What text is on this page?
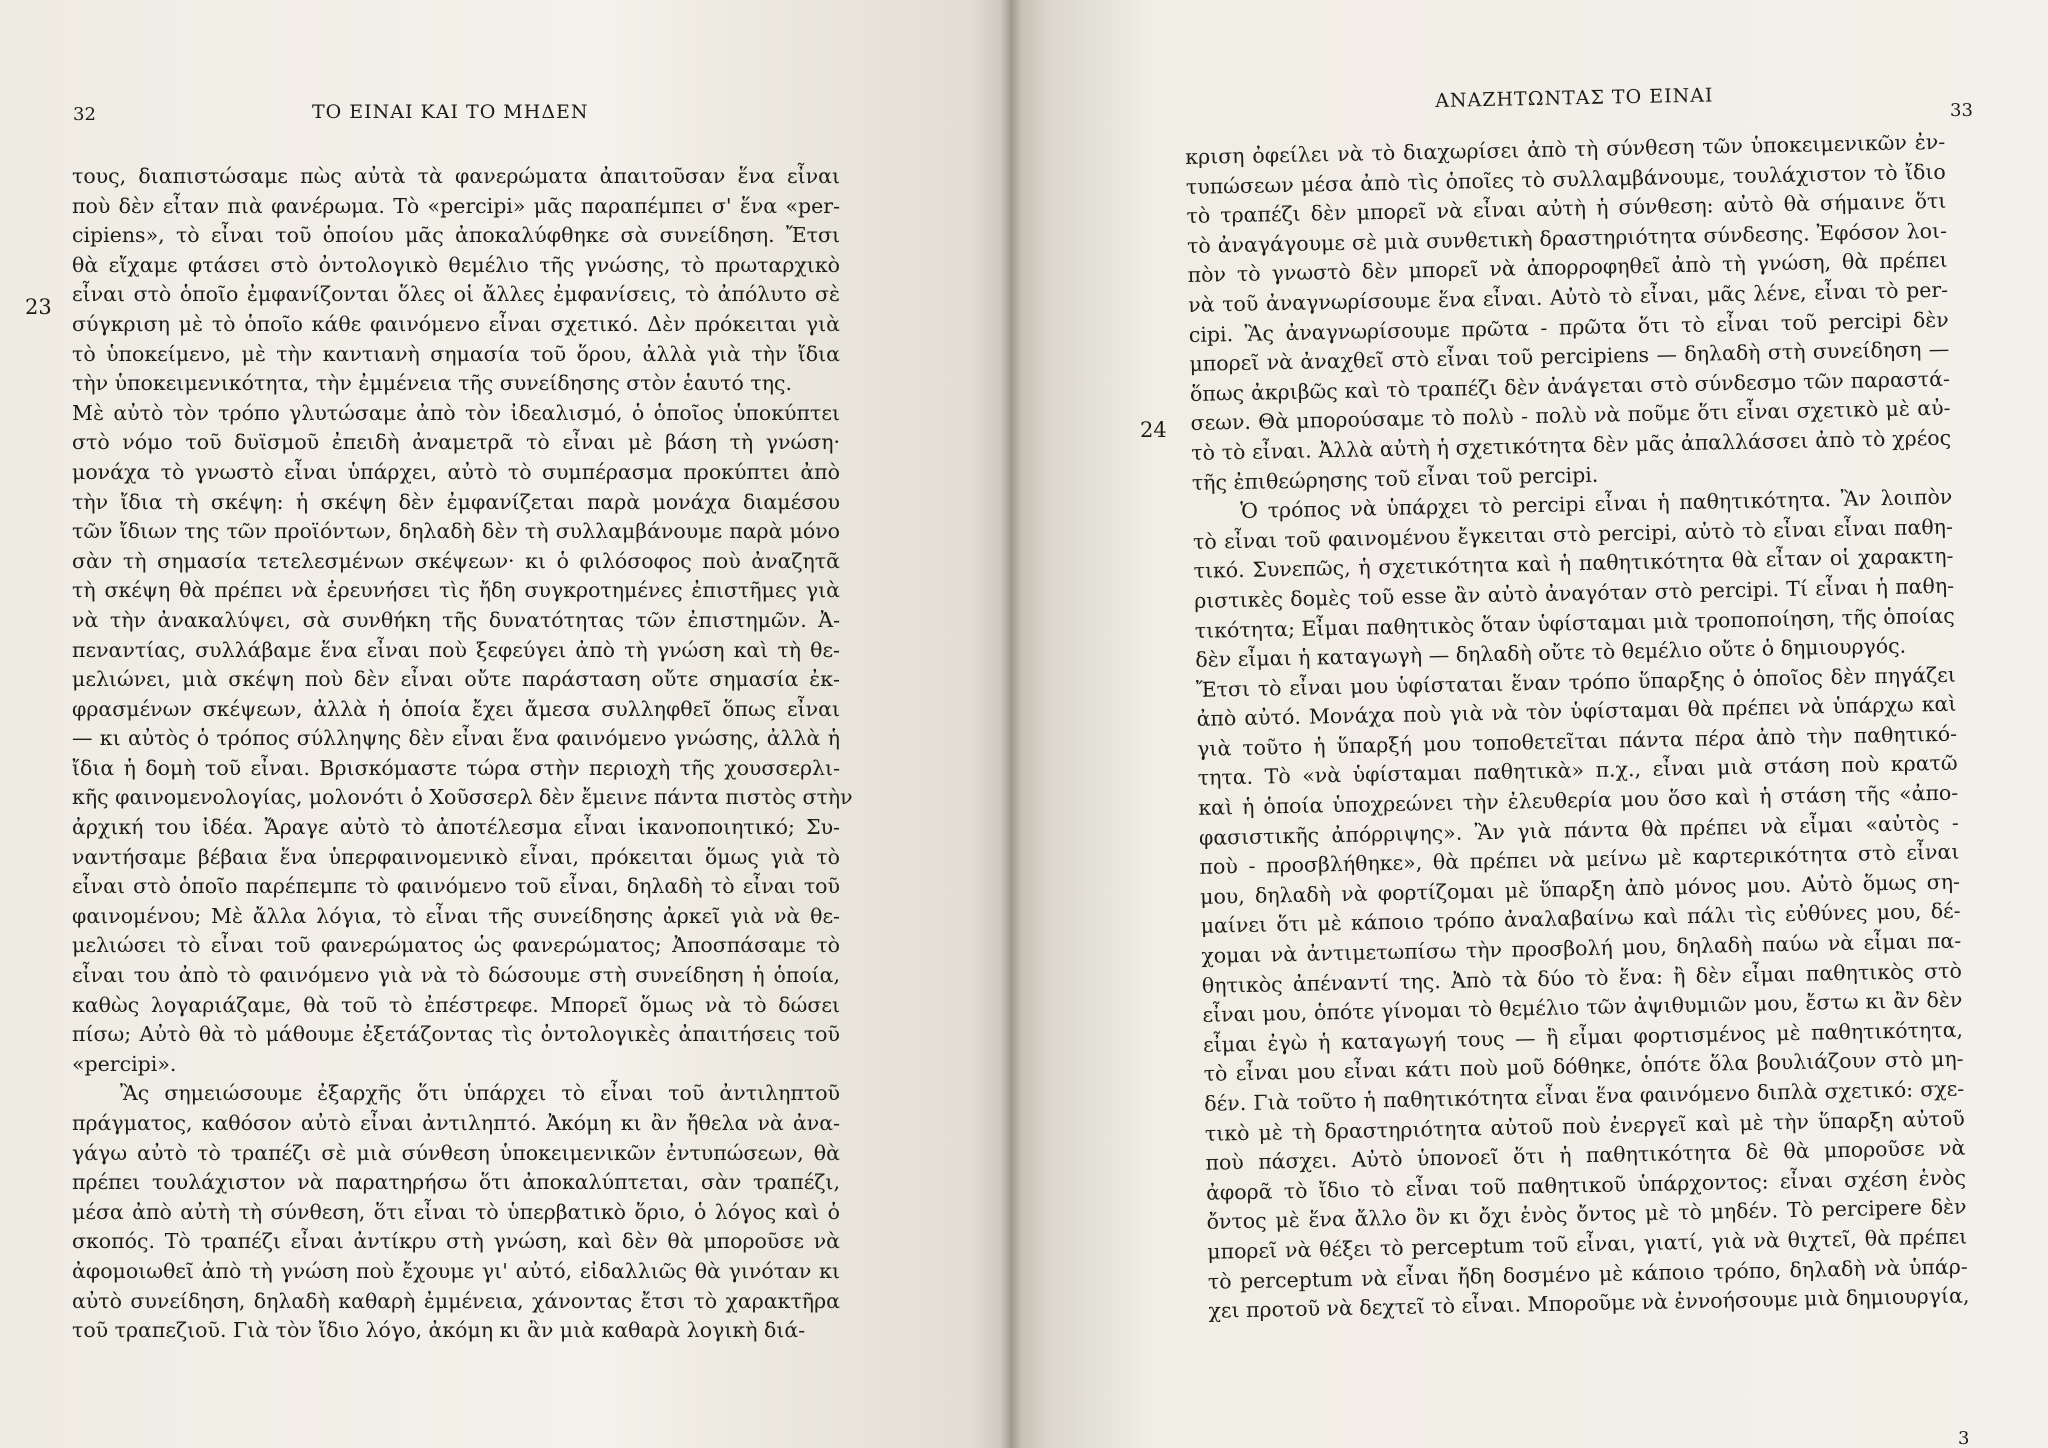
32	ΤΟ ΕΙΝΑΙ ΚΑΙ ΤΟ ΜΗΔΕΝ
23
τους, διαπιστώσαμε πὼς αὐτὰ τὰ φανερώματα ἀπαιτοῦσαν ἕνα εἶναι
ποὺ δὲν εἶταν πιὰ φανέρωμα. Τὸ «percipi» μᾶς παραπέμπει σ' ἕνα «per-
cipiens», τὸ εἶναι τοῦ ὁποίου μᾶς ἀποκαλύφθηκε σὰ συνείδηση. Ἔτσι
θὰ εἴχαμε φτάσει στὸ ὀντολογικὸ θεμέλιο τῆς γνώσης, τὸ πρωταρχικὸ
εἶναι στὸ ὁποῖο ἐμφανίζονται ὅλες οἱ ἄλλες ἐμφανίσεις, τὸ ἀπόλυτο σὲ
σύγκριση μὲ τὸ ὁποῖο κάθε φαινόμενο εἶναι σχετικό. Δὲν πρόκειται γιὰ
τὸ ὑποκείμενο, μὲ τὴν καντιανὴ σημασία τοῦ ὅρου, ἀλλὰ γιὰ τὴν ἴδια
τὴν ὑποκειμενικότητα, τὴν ἐμμένεια τῆς συνείδησης στὸν ἑαυτό της.
Μὲ αὐτὸ τὸν τρόπο γλυτώσαμε ἀπὸ τὸν ἰδεαλισμό, ὁ ὁποῖος ὑποκύπτει
στὸ νόμο τοῦ δυϊσμοῦ ἐπειδὴ ἀναμετρᾶ τὸ εἶναι μὲ βάση τὴ γνώση·
μονάχα τὸ γνωστὸ εἶναι ὑπάρχει, αὐτὸ τὸ συμπέρασμα προκύπτει ἀπὸ
τὴν ἴδια τὴ σκέψη: ἡ σκέψη δὲν ἐμφανίζεται παρὰ μονάχα διαμέσου
τῶν ἴδιων της τῶν προϊόντων, δηλαδὴ δὲν τὴ συλλαμβάνουμε παρὰ μόνο
σὰν τὴ σημασία τετελεσμένων σκέψεων· κι ὁ φιλόσοφος ποὺ ἀναζητᾶ
τὴ σκέψη θὰ πρέπει νὰ ἐρευνήσει τὶς ἤδη συγκροτημένες ἐπιστῆμες γιὰ
νὰ τὴν ἀνακαλύψει, σὰ συνθήκη τῆς δυνατότητας τῶν ἐπιστημῶν. Ἀ-
πεναντίας, συλλάβαμε ἕνα εἶναι ποὺ ξεφεύγει ἀπὸ τὴ γνώση καὶ τὴ θε-
μελιώνει, μιὰ σκέψη ποὺ δὲν εἶναι οὔτε παράσταση οὔτε σημασία ἐκ-
φρασμένων σκέψεων, ἀλλὰ ἡ ὁποία ἔχει ἄμεσα συλληφθεῖ ὅπως εἶναι
— κι αὐτὸς ὁ τρόπος σύλληψης δὲν εἶναι ἕνα φαινόμενο γνώσης, ἀλλὰ ἡ
ἴδια ἡ δομὴ τοῦ εἶναι. Βρισκόμαστε τώρα στὴν περιοχὴ τῆς χουσσερλι-
κῆς φαινομενολογίας, μολονότι ὁ Χοῦσσερλ δὲν ἔμεινε πάντα πιστὸς στὴν
ἀρχική του ἰδέα. Ἄραγε αὐτὸ τὸ ἀποτέλεσμα εἶναι ἱκανοποιητικό; Συ-
ναντήσαμε βέβαια ἕνα ὑπερφαινομενικὸ εἶναι, πρόκειται ὅμως γιὰ τὸ
εἶναι στὸ ὁποῖο παρέπεμπε τὸ φαινόμενο τοῦ εἶναι, δηλαδὴ τὸ εἶναι τοῦ
φαινομένου; Μὲ ἄλλα λόγια, τὸ εἶναι τῆς συνείδησης ἀρκεῖ γιὰ νὰ θε-
μελιώσει τὸ εἶναι τοῦ φανερώματος ὡς φανερώματος; Ἀποσπάσαμε τὸ
εἶναι του ἀπὸ τὸ φαινόμενο γιὰ νὰ τὸ δώσουμε στὴ συνείδηση ἡ ὁποία,
καθὼς λογαριάζαμε, θὰ τοῦ τὸ ἐπέστρεφε. Μπορεῖ ὅμως νὰ τὸ δώσει
πίσω; Αὐτὸ θὰ τὸ μάθουμε ἐξετάζοντας τὶς ὀντολογικὲς ἀπαιτήσεις τοῦ
«percipi».
Ἂς σημειώσουμε ἐξαρχῆς ὅτι ὑπάρχει τὸ εἶναι τοῦ ἀντιληπτοῦ
πράγματος, καθόσον αὐτὸ εἶναι ἀντιληπτό. Ἀκόμη κι ἂν ἤθελα νὰ ἀνα-
γάγω αὐτὸ τὸ τραπέζι σὲ μιὰ σύνθεση ὑποκειμενικῶν ἐντυπώσεων, θὰ
πρέπει τουλάχιστον νὰ παρατηρήσω ὅτι ἀποκαλύπτεται, σὰν τραπέζι,
μέσα ἀπὸ αὐτὴ τὴ σύνθεση, ὅτι εἶναι τὸ ὑπερβατικὸ ὅριο, ὁ λόγος καὶ ὁ
σκοπός. Τὸ τραπέζι εἶναι ἀντίκρυ στὴ γνώση, καὶ δὲν θὰ μποροῦσε νὰ
ἀφομοιωθεῖ ἀπὸ τὴ γνώση ποὺ ἔχουμε γι' αὐτό, εἰδαλλιῶς θὰ γινόταν κι
αὐτὸ συνείδηση, δηλαδὴ καθαρὴ ἐμμένεια, χάνοντας ἔτσι τὸ χαρακτῆρα
τοῦ τραπεζιοῦ. Γιὰ τὸν ἴδιο λόγο, ἀκόμη κι ἂν μιὰ καθαρὰ λογικὴ διά-
ΑΝΑΖΗΤΩΝΤΑΣ ΤΟ ΕΙΝΑΙ	33
24
κριση ὀφείλει νὰ τὸ διαχωρίσει ἀπὸ τὴ σύνθεση τῶν ὑποκειμενικῶν ἐν-
τυπώσεων μέσα ἀπὸ τὶς ὁποῖες τὸ συλλαμβάνουμε, τουλάχιστον τὸ ἴδιο
τὸ τραπέζι δὲν μπορεῖ νὰ εἶναι αὐτὴ ἡ σύνθεση: αὐτὸ θὰ σήμαινε ὅτι
τὸ ἀναγάγουμε σὲ μιὰ συνθετικὴ δραστηριότητα σύνδεσης. Ἐφόσον λοι-
πὸν τὸ γνωστὸ δὲν μπορεῖ νὰ ἀπορροφηθεῖ ἀπὸ τὴ γνώση, θὰ πρέπει
νὰ τοῦ ἀναγνωρίσουμε ἕνα εἶναι. Αὐτὸ τὸ εἶναι, μᾶς λένε, εἶναι τὸ per-
cipi. Ἂς ἀναγνωρίσουμε πρῶτα - πρῶτα ὅτι τὸ εἶναι τοῦ percipi δὲν
μπορεῖ νὰ ἀναχθεῖ στὸ εἶναι τοῦ percipiens — δηλαδὴ στὴ συνείδηση —
ὅπως ἀκριβῶς καὶ τὸ τραπέζι δὲν ἀνάγεται στὸ σύνδεσμο τῶν παραστά-
σεων. Θὰ μπορούσαμε τὸ πολὺ - πολὺ νὰ ποῦμε ὅτι εἶναι σχετικὸ μὲ αὐ-
τὸ τὸ εἶναι. Ἀλλὰ αὐτὴ ἡ σχετικότητα δὲν μᾶς ἀπαλλάσσει ἀπὸ τὸ χρέος
τῆς ἐπιθεώρησης τοῦ εἶναι τοῦ percipi.
Ὁ τρόπος νὰ ὑπάρχει τὸ percipi εἶναι ἡ παθητικότητα. Ἂν λοιπὸν
τὸ εἶναι τοῦ φαινομένου ἔγκειται στὸ percipi, αὐτὸ τὸ εἶναι εἶναι παθη-
τικό. Συνεπῶς, ἡ σχετικότητα καὶ ἡ παθητικότητα θὰ εἶταν οἱ χαρακτη-
ριστικὲς δομὲς τοῦ esse ἂν αὐτὸ ἀναγόταν στὸ percipi. Τί εἶναι ἡ παθη-
τικότητα; Εἶμαι παθητικὸς ὅταν ὑφίσταμαι μιὰ τροποποίηση, τῆς ὁποίας
δὲν εἶμαι ἡ καταγωγὴ — δηλαδὴ οὔτε τὸ θεμέλιο οὔτε ὁ δημιουργός.
Ἔτσι τὸ εἶναι μου ὑφίσταται ἕναν τρόπο ὕπαρξης ὁ ὁποῖος δὲν πηγάζει
ἀπὸ αὐτό. Μονάχα ποὺ γιὰ νὰ τὸν ὑφίσταμαι θὰ πρέπει νὰ ὑπάρχω καὶ
γιὰ τοῦτο ἡ ὕπαρξή μου τοποθετεῖται πάντα πέρα ἀπὸ τὴν παθητικό-
τητα. Τὸ «νὰ ὑφίσταμαι παθητικὰ» π.χ., εἶναι μιὰ στάση ποὺ κρατῶ
καὶ ἡ ὁποία ὑποχρεώνει τὴν ἐλευθερία μου ὅσο καὶ ἡ στάση τῆς «ἀπο-
φασιστικῆς ἀπόρριψης». Ἂν γιὰ πάντα θὰ πρέπει νὰ εἶμαι «αὐτὸς -
ποὺ - προσβλήθηκε», θὰ πρέπει νὰ μείνω μὲ καρτερικότητα στὸ εἶναι
μου, δηλαδὴ νὰ φορτίζομαι μὲ ὕπαρξη ἀπὸ μόνος μου. Αὐτὸ ὅμως ση-
μαίνει ὅτι μὲ κάποιο τρόπο ἀναλαβαίνω καὶ πάλι τὶς εὐθύνες μου, δέ-
χομαι νὰ ἀντιμετωπίσω τὴν προσβολή μου, δηλαδὴ παύω νὰ εἶμαι πα-
θητικὸς ἀπέναντί της. Ἀπὸ τὰ δύο τὸ ἕνα: ἢ δὲν εἶμαι παθητικὸς στὸ
εἶναι μου, ὁπότε γίνομαι τὸ θεμέλιο τῶν ἀψιθυμιῶν μου, ἔστω κι ἂν δὲν
εἶμαι ἐγὼ ἡ καταγωγή τους — ἢ εἶμαι φορτισμένος μὲ παθητικότητα,
τὸ εἶναι μου εἶναι κάτι ποὺ μοῦ δόθηκε, ὁπότε ὅλα βουλιάζουν στὸ μη-
δέν. Γιὰ τοῦτο ἡ παθητικότητα εἶναι ἕνα φαινόμενο διπλὰ σχετικό: σχε-
τικὸ μὲ τὴ δραστηριότητα αὐτοῦ ποὺ ἐνεργεῖ καὶ μὲ τὴν ὕπαρξη αὐτοῦ
ποὺ πάσχει. Αὐτὸ ὑπονοεῖ ὅτι ἡ παθητικότητα δὲ θὰ μποροῦσε νὰ
ἀφορᾶ τὸ ἴδιο τὸ εἶναι τοῦ παθητικοῦ ὑπάρχοντος: εἶναι σχέση ἑνὸς
ὄντος μὲ ἕνα ἄλλο ὂν κι ὄχι ἑνὸς ὄντος μὲ τὸ μηδέν. Τὸ percipere δὲν
μπορεῖ νὰ θέξει τὸ perceptum τοῦ εἶναι, γιατί, γιὰ νὰ θιχτεῖ, θὰ πρέπει
τὸ perceptum νὰ εἶναι ἤδη δοσμένο μὲ κάποιο τρόπο, δηλαδὴ νὰ ὑπάρ-
χει προτοῦ νὰ δεχτεῖ τὸ εἶναι. Μποροῦμε νὰ ἐννοήσουμε μιὰ δημιουργία,
3
